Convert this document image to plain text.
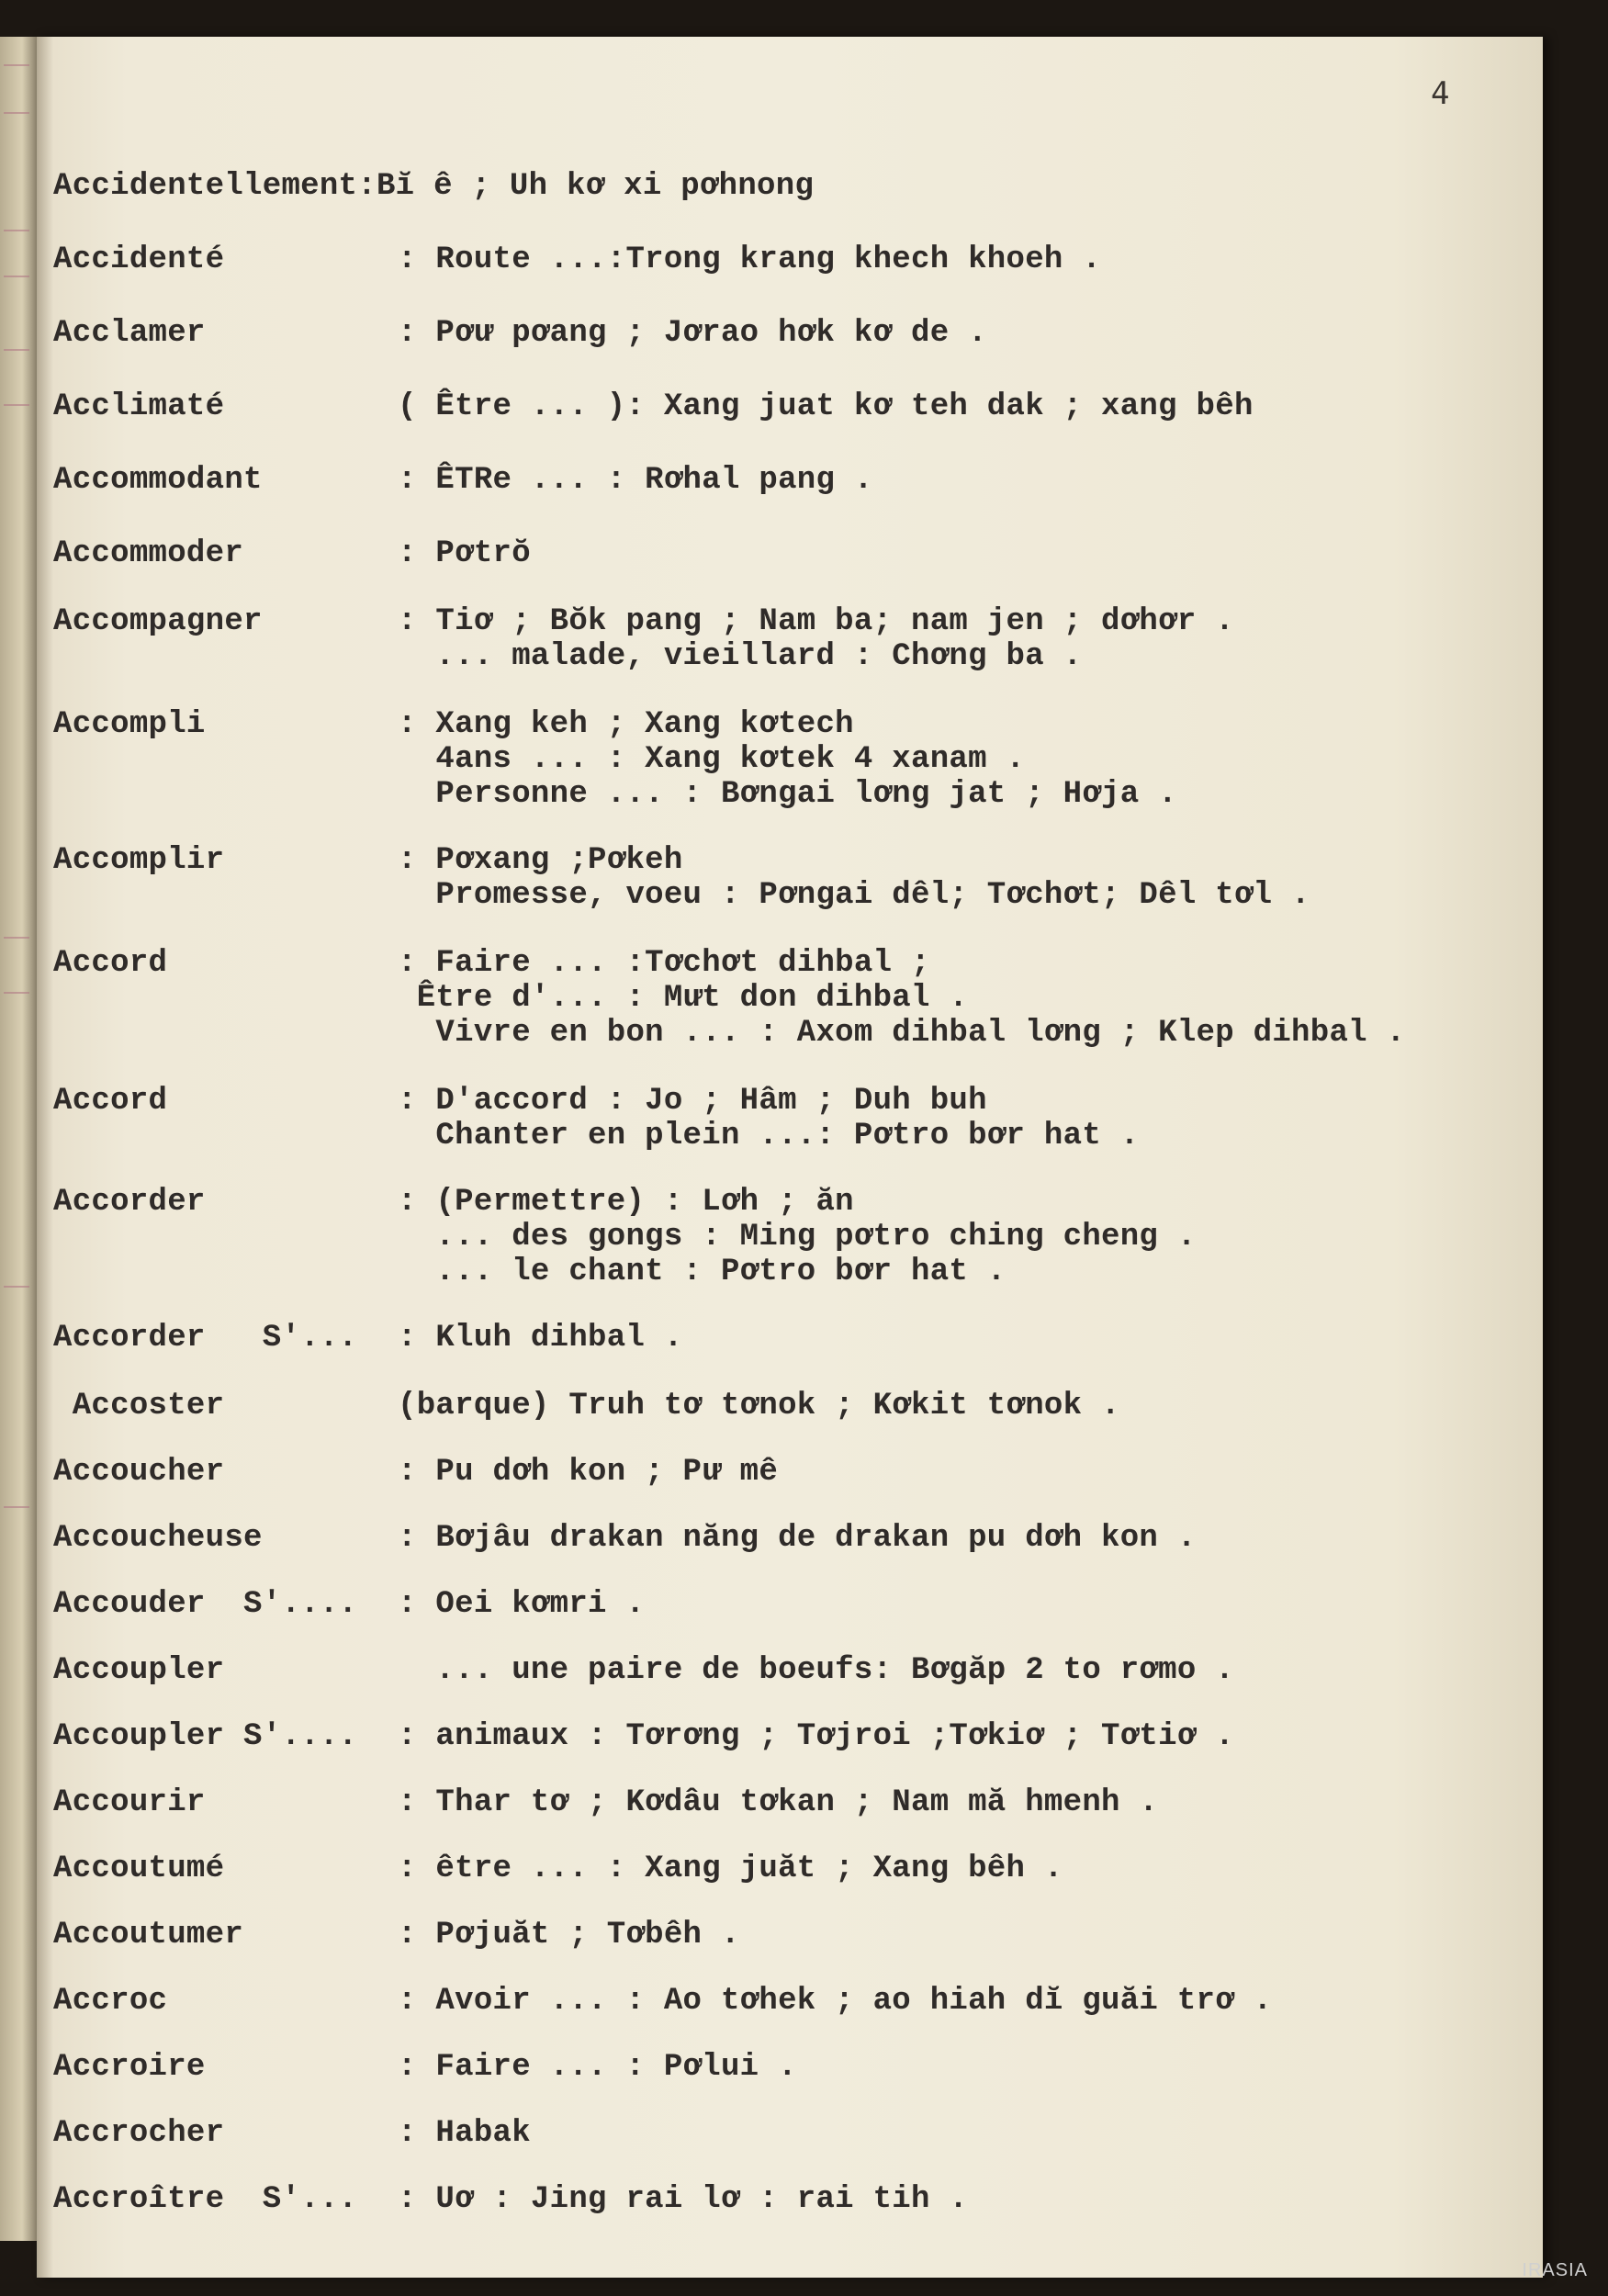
4
Accidentellement: Bĭ ê ; Uh kơ xi pơhnong
Accidenté	: Route ...:Trong krang khech khoeh .
Acclamer	: Pơư pơang ; Jơrao hơk kơ de .
Acclimaté	( Être ... ): Xang juat kơ teh dak ; xang bêh
Accommodant	: ÊTRe ... : Rơhal pang .
Accommoder	: Pơtrŏ
Accompagner	: Tiơ ; Bŏk pang ; Nam ba; nam jen ; dơhơr .
... malade, vieillard : Chơng ba .
Accompli	: Xang keh ; Xang kơtech
4ans ... : Xang kơtek 4 xanam .
Personne ... : Bơngai lơng jat ; Hơja .
Accomplir	: Pơxang ;Pơkeh
Promesse, voeu : Pơngai dêl; Tơchơt; Dêl tơl .
Accord	: Faire ... :Tơchơt dihbal ;
Être d'... : Mưt don dihbal .
Vivre en bon ... : Axom dihbal lơng ; Klep dihbal .
Accord	: D'accord : Jo ; Hâm ; Duh buh
Chanter en plein ...: Pơtro bơr hat .
Accorder	: (Permettre) : Lơh ; ăn
... des gongs : Ming pơtro ching cheng .
... le chant : Pơtro bơr hat .
Accorder   S'...	: Kluh dihbal .
Accoster	(barque) Truh tơ tơnok ; Kơkit tơnok .
Accoucher	: Pu dơh kon ; Pư mê
Accoucheuse	: Bơjâu drakan năng de drakan pu dơh kon .
Accouder  S'....	: Oei kơmri .
Accoupler	... une paire de boeufs: Bơgăp 2 to rơmo .
Accoupler S'....	: animaux : Tơrơng ; Tơjroi ;Tơkiơ ; Tơtiơ .
Accourir	: Thar tơ ; Kơdâu tơkan ; Nam mă hmenh .
Accoutumé	: être ... : Xang juăt ; Xang bêh .
Accoutumer	: Pơjuăt ; Tơbêh .
Accroc	: Avoir ... : Ao tơhek ; ao hiah dĭ guăi trơ .
Accroire	: Faire ... : Pơlui .
Accrocher	: Habak
Accroître  S'...	: Uơ : Jing rai lơ : rai tih .
IRASIA
